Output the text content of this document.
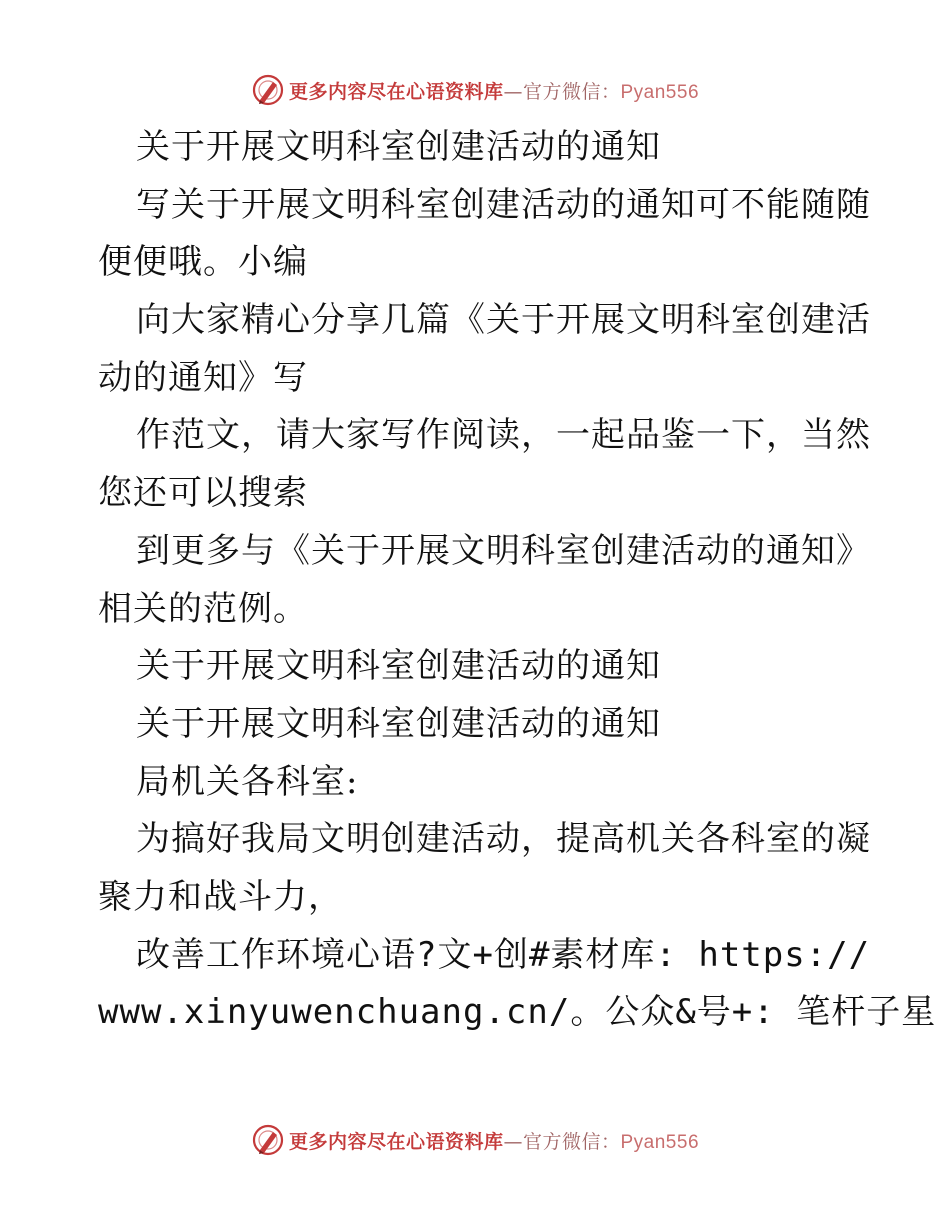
更多内容尽在心语资料库—官方微信：Pyan556
关于开展文明科室创建活动的通知
写关于开展文明科室创建活动的通知可不能随随
便便哦。小编
向大家精心分享几篇《关于开展文明科室创建活
动的通知》写
作范文，请大家写作阅读，一起品鉴一下，当然
您还可以搜索
到更多与《关于开展文明科室创建活动的通知》
相关的范例。
关于开展文明科室创建活动的通知
关于开展文明科室创建活动的通知
局机关各科室:
为搞好我局文明创建活动，提高机关各科室的凝
聚力和战斗力，
改善工作环境心语?文+创#素材库: https://
www.xinyuwenchuang.cn/。公众&号+: 笔杆子星
更多内容尽在心语资料库—官方微信：Pyan556
